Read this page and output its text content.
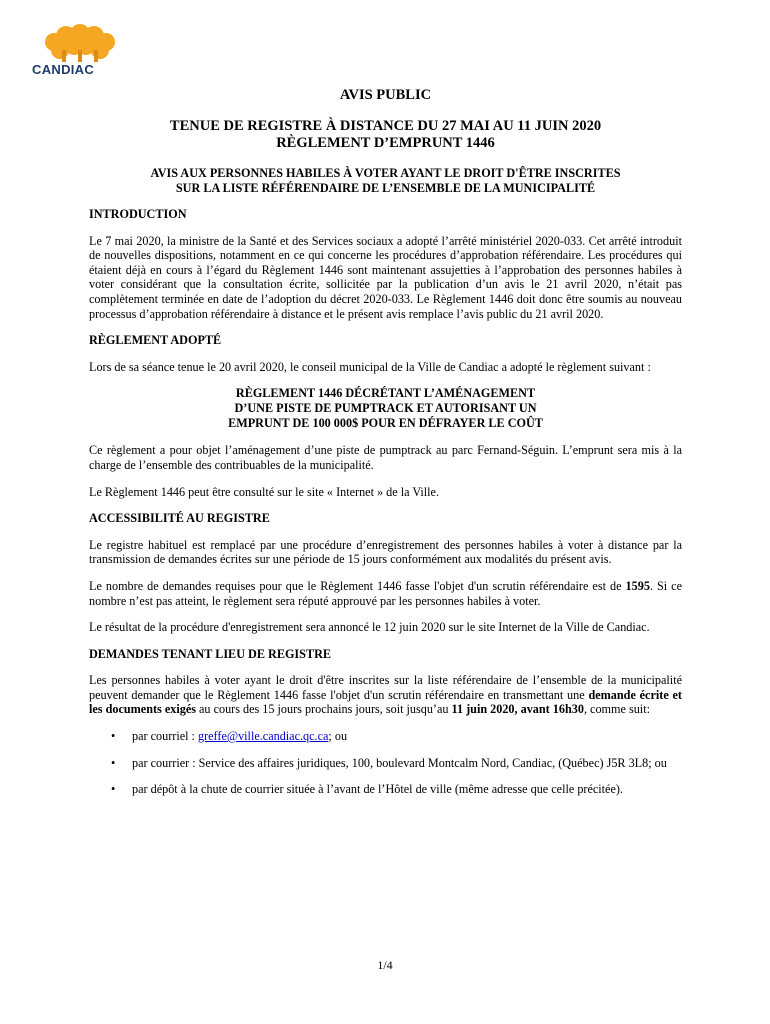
CANDIAC
AVIS PUBLIC
TENUE DE REGISTRE À DISTANCE DU 27 MAI AU 11 JUIN 2020
RÈGLEMENT D’EMPRUNT 1446
AVIS AUX PERSONNES HABILES À VOTER AYANT LE DROIT D'ÊTRE INSCRITES
SUR LA LISTE RÉFÉRENDAIRE DE L’ENSEMBLE DE LA MUNICIPALITÉ
INTRODUCTION

Le 7 mai 2020, la ministre de la Santé et des Services sociaux a adopté l’arrêté ministériel 2020-033. Cet arrêté introduit de nouvelles dispositions, notamment en ce qui concerne les procédures d’approbation référendaire. Les procédures qui étaient déjà en cours à l’égard du Règlement 1446 sont maintenant assujetties à l’approbation des personnes habiles à voter considérant que la consultation écrite, sollicitée par la publication d’un avis le 21 avril 2020, n’était pas complètement terminée en date de l’adoption du décret 2020-033. Le Règlement 1446 doit donc être soumis au nouveau processus d’approbation référendaire à distance et le présent avis remplace l’avis public du 21 avril 2020.

RÈGLEMENT ADOPTÉ

Lors de sa séance tenue le 20 avril 2020, le conseil municipal de la Ville de Candiac a adopté le règlement suivant :

RÈGLEMENT 1446 DÉCRÉTANT L’AMÉNAGEMENT
D’UNE PISTE DE PUMPTRACK ET AUTORISANT UN
EMPRUNT DE 100 000$ POUR EN DÉFRAYER LE COÛT

Ce règlement a pour objet l’aménagement d’une piste de pumptrack au parc Fernand-Séguin. L’emprunt sera mis à la charge de l’ensemble des contribuables de la municipalité.

Le Règlement 1446 peut être consulté sur le site « Internet » de la Ville.

ACCESSIBILITÉ AU REGISTRE

Le registre habituel est remplacé par une procédure d’enregistrement des personnes habiles à voter à distance par la transmission de demandes écrites sur une période de 15 jours conformément aux modalités du présent avis.

Le nombre de demandes requises pour que le Règlement 1446 fasse l'objet d'un scrutin référendaire est de 1595. Si ce nombre n’est pas atteint, le règlement sera réputé approuvé par les personnes habiles à voter.

Le résultat de la procédure d'enregistrement sera annoncé le 12 juin 2020 sur le site Internet de la Ville de Candiac.

DEMANDES TENANT LIEU DE REGISTRE

Les personnes habiles à voter ayant le droit d'être inscrites sur la liste référendaire de l’ensemble de la municipalité peuvent demander que le Règlement 1446 fasse l'objet d'un scrutin référendaire en transmettant une demande écrite et les documents exigés au cours des 15 jours prochains jours, soit jusqu’au 11 juin 2020, avant 16h30, comme suit:

• par courriel : greffe@ville.candiac.qc.ca; ou
• par courrier : Service des affaires juridiques, 100, boulevard Montcalm Nord, Candiac, (Québec) J5R 3L8; ou
• par dépôt à la chute de courrier située à l’avant de l’Hôtel de ville (même adresse que celle précitée).
1/4
